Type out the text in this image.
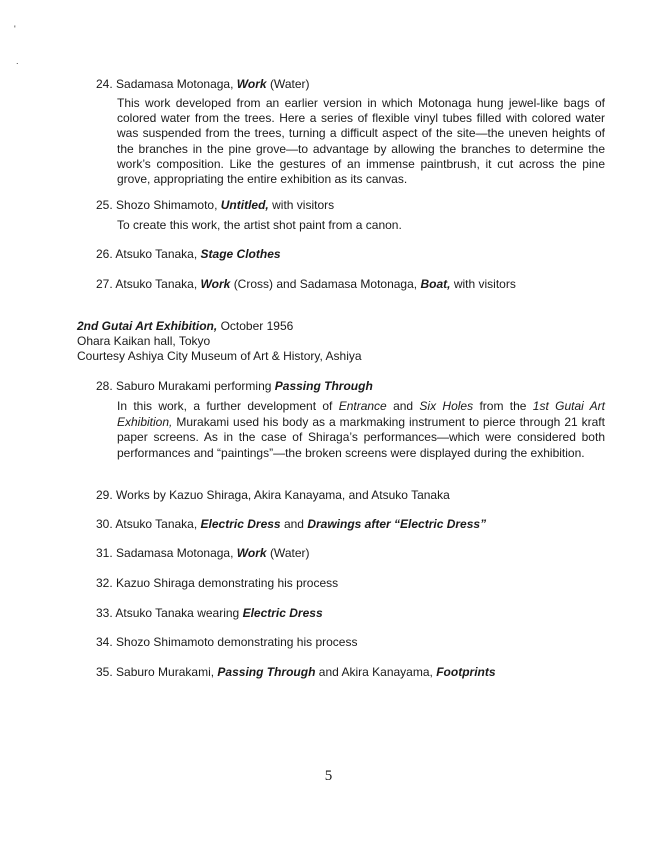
'
.
24. Sadamasa Motonaga, Work (Water)
This work developed from an earlier version in which Motonaga hung jewel-like bags of colored water from the trees. Here a series of flexible vinyl tubes filled with colored water was suspended from the trees, turning a difficult aspect of the site—the uneven heights of the branches in the pine grove—to advantage by allowing the branches to determine the work’s composition. Like the gestures of an immense paintbrush, it cut across the pine grove, appropriating the entire exhibition as its canvas.
25. Shozo Shimamoto, Untitled, with visitors
To create this work, the artist shot paint from a canon.
26. Atsuko Tanaka, Stage Clothes
27. Atsuko Tanaka, Work (Cross) and Sadamasa Motonaga, Boat, with visitors
2nd Gutai Art Exhibition, October 1956
Ohara Kaikan hall, Tokyo
Courtesy Ashiya City Museum of Art & History, Ashiya
28. Saburo Murakami performing Passing Through
In this work, a further development of Entrance and Six Holes from the 1st Gutai Art Exhibition, Murakami used his body as a markmaking instrument to pierce through 21 kraft paper screens. As in the case of Shiraga’s performances—which were considered both performances and “paintings”—the broken screens were displayed during the exhibition.
29. Works by Kazuo Shiraga, Akira Kanayama, and Atsuko Tanaka
30. Atsuko Tanaka, Electric Dress and Drawings after “Electric Dress”
31. Sadamasa Motonaga, Work (Water)
32. Kazuo Shiraga demonstrating his process
33. Atsuko Tanaka wearing Electric Dress
34. Shozo Shimamoto demonstrating his process
35. Saburo Murakami, Passing Through and Akira Kanayama, Footprints
5
